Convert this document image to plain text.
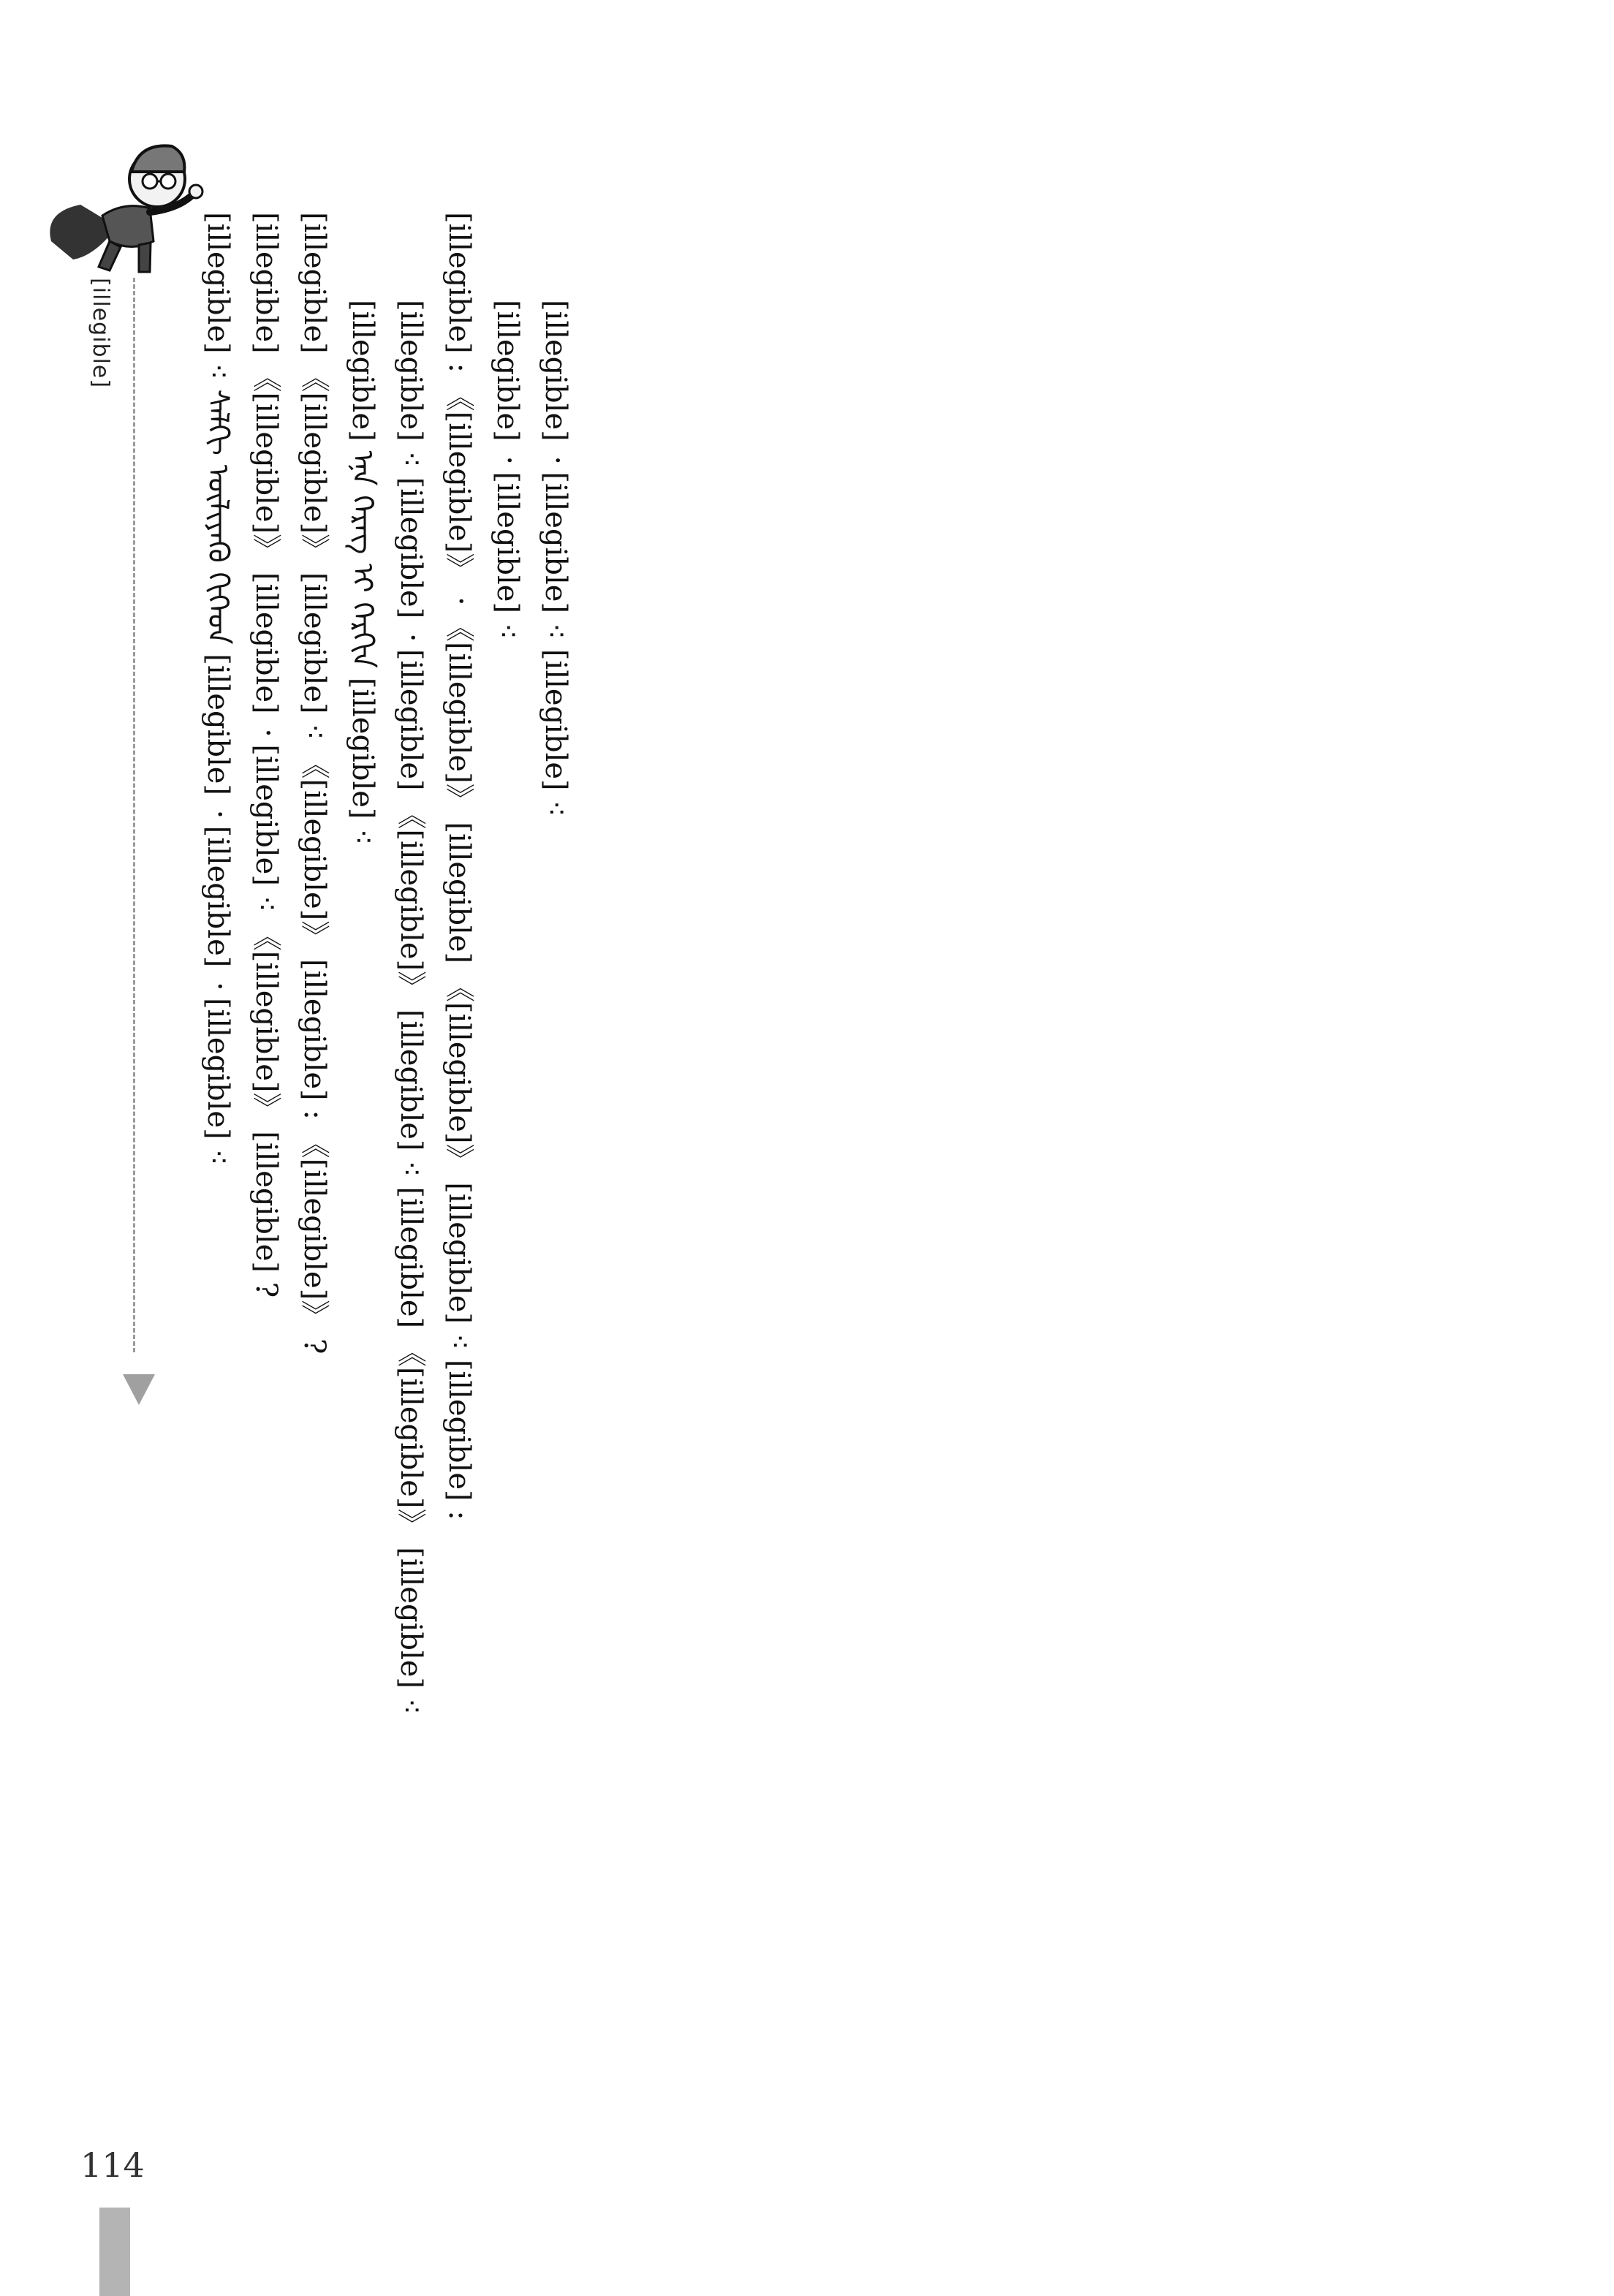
[illegible]	[illegible] ⁖ ᠰᠠᠯᠬᠢ ᠦᠯᠢᠶᠡᠬᠦ ᠬᠢᠭᠡᠳ [illegible] ᠂ [illegible] ᠂ [illegible] ⁖ [illegible] 《[illegible]》 [illegible] ᠂ [illegible] ⁖ 《[illegible]》 [illegible] ? [illegible] 《[illegible]》 [illegible] ⁖ 《[illegible]》 [illegible] : 《[illegible]》 ? [illegible] ᠡᠨᠡ ᠬᠡᠷᠡᠭ ᠢ ᠬᠡᠷᠬᠢᠨ [illegible] ⁖ [illegible] ⁖ [illegible] ᠂ [illegible] 《[illegible]》 [illegible] ⁖ [illegible] 《[illegible]》 [illegible] ⁖ [illegible] : 《[illegible]》 ᠂ 《[illegible]》 [illegible] 《[illegible]》 [illegible] ⁖ [illegible] : [illegible] ᠂ [illegible] ⁖ [illegible] ᠂ [illegible] ⁖ [illegible] ⁖

114
